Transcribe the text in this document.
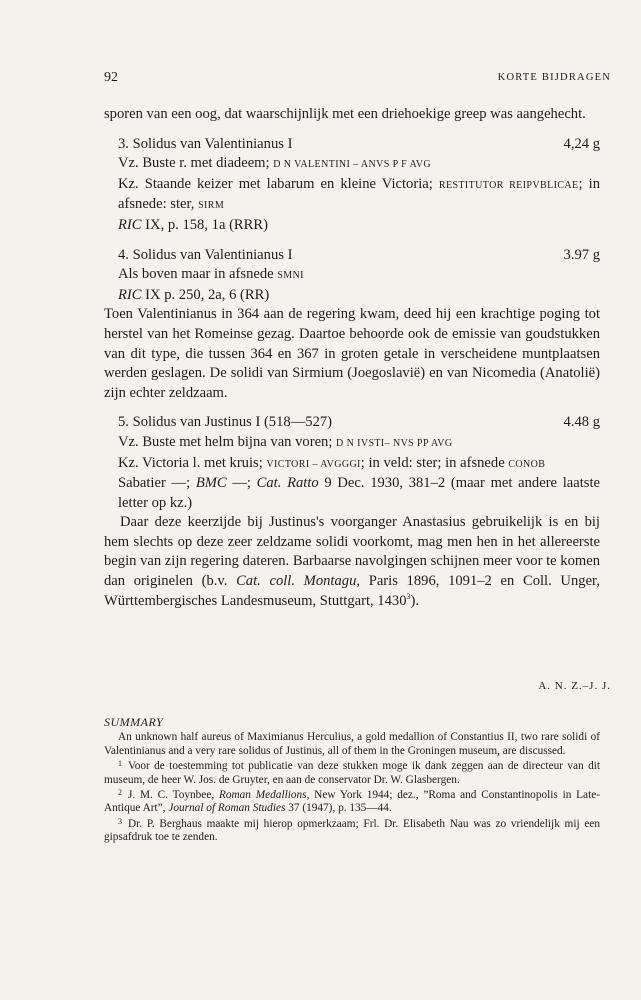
92	KORTE BIJDRAGEN

sporen van een oog, dat waarschijnlijk met een driehoekige greep was aangehecht.

3. Solidus van Valentinianus I	4,24 g

Vz. Buste r. met diadeem; D N VALENTINI – ANVS P F AVG

Kz. Staande keizer met labarum en kleine Victoria; RESTITUTOR REIPVBLICAE; in afsnede: ster, SIRM

RIC IX, p. 158, 1a (RRR)

4. Solidus van Valentinianus I	3.97 g

Als boven maar in afsnede SMNI

RIC IX p. 250, 2a, 6 (RR)

Toen Valentinianus in 364 aan de regering kwam, deed hij een krachtige poging tot herstel van het Romeinse gezag. Daartoe behoorde ook de emissie van goudstukken van dit type, die tussen 364 en 367 in groten getale in verscheidene muntplaatsen werden geslagen. De solidi van Sirmium (Joegoslavië) en van Nicomedia (Anatolië) zijn echter zeldzaam.

5. Solidus van Justinus I (518—527)	4.48 g

Vz. Buste met helm bijna van voren; D N IVSTI– NVS PP AVG

Kz. Victoria l. met kruis; VICTORI – AVGGGI; in veld: ster; in afsnede CONOB

Sabatier —; BMC —; Cat. Ratto 9 Dec. 1930, 381–2 (maar met andere laatste letter op kz.)

Daar deze keerzijde bij Justinus's voorganger Anastasius gebruikelijk is en bij hem slechts op deze zeer zeldzame solidi voorkomt, mag men hen in het allereerste begin van zijn regering dateren. Barbaarse navolgingen schijnen meer voor te komen dan originelen (b.v. Cat. coll. Montagu, Paris 1896, 1091–2 en Coll. Unger, Württembergisches Landesmuseum, Stuttgart, 1430$^3$).

A. N. Z.–J. J.

SUMMARY

An unknown half aureus of Maximianus Herculius, a gold medallion of Constantius II, two rare solidi of Valentinianus and a very rare solidus of Justinus, all of them in the Groningen museum, are discussed.

$^1$ Voor de toestemming tot publicatie van deze stukken moge ik dank zeggen aan de directeur van dit museum, de heer W. Jos. de Gruyter, en aan de conservator Dr. W. Glasbergen.

$^2$ J. M. C. Toynbee, Roman Medallions, New York 1944; dez., ”Roma and Constantinopolis in Late-Antique Art”, Journal of Roman Studies 37 (1947), p. 135—44.

$^3$ Dr. P. Berghaus maakte mij hierop opmerkzaam; Frl. Dr. Elisabeth Nau was zo vriendelijk mij een gipsafdruk toe te zenden.
